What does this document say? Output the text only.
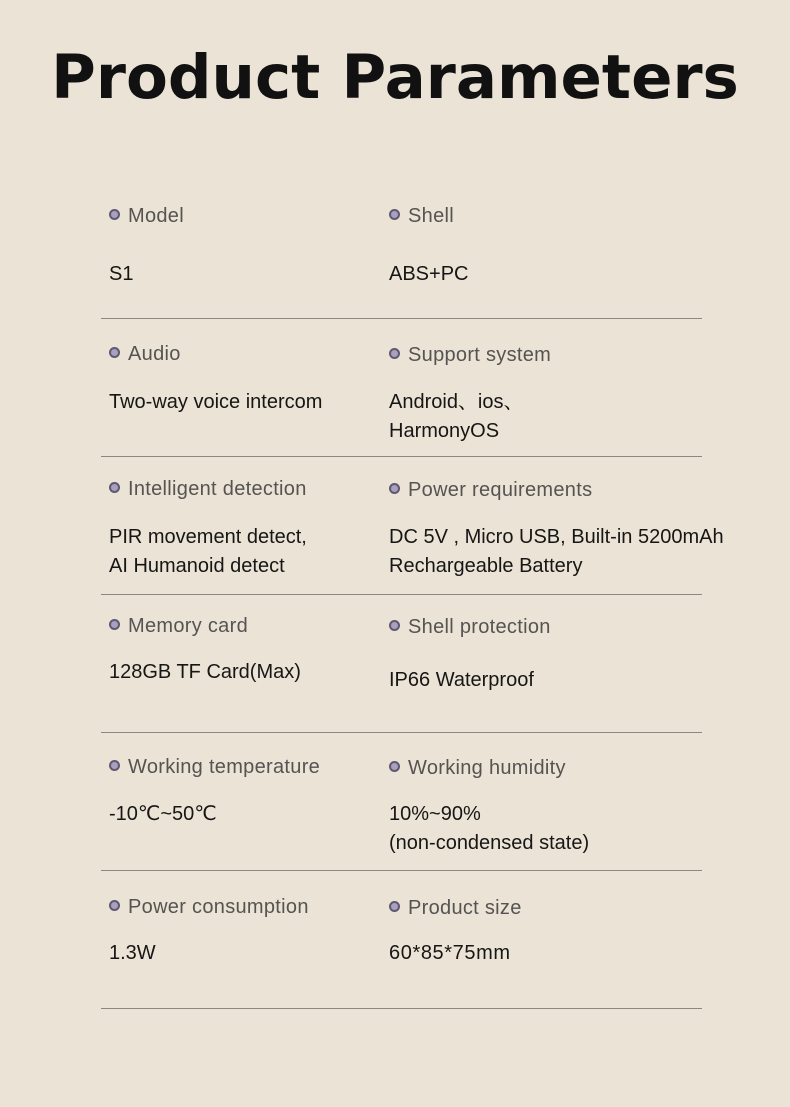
Product Parameters
Model
S1
Shell
ABS+PC
Audio
Two-way voice intercom
Support system
Android、ios、
HarmonyOS
Intelligent detection
PIR movement detect,
AI Humanoid detect
Power requirements
DC 5V , Micro USB, Built-in 5200mAh
Rechargeable Battery
Memory card
128GB TF Card(Max)
Shell protection
IP66 Waterproof
Working temperature
-10℃~50℃
Working humidity
10%~90%
(non-condensed state)
Power consumption
1.3W
Product size
60*85*75mm
